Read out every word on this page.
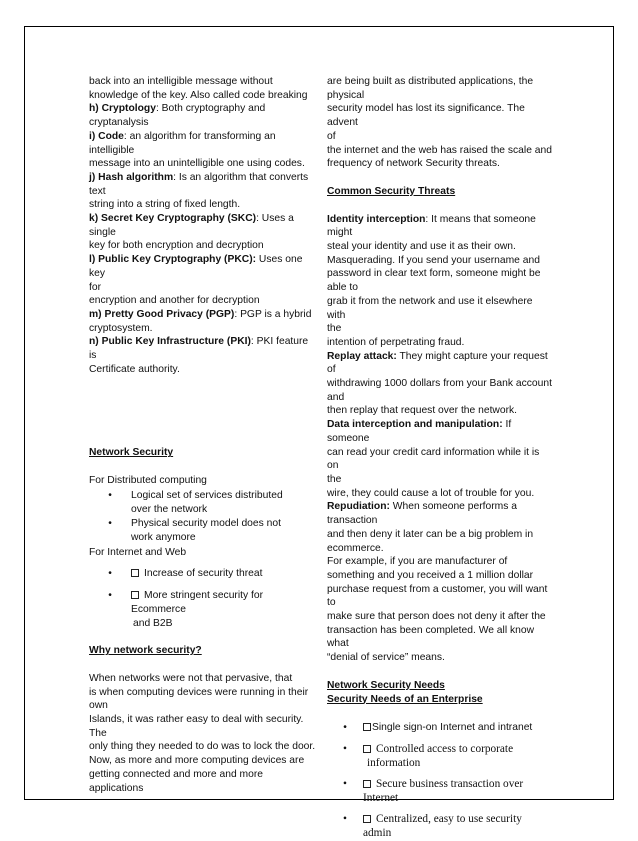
back into an intelligible message without

knowledge of the key. Also called code breaking

h) Cryptology: Both cryptography and

cryptanalysis

i) Code: an algorithm for transforming an

intelligible

message into an unintelligible one using codes.

j) Hash algorithm: Is an algorithm that converts

text

string into a string of fixed length.

k) Secret Key Cryptography (SKC): Uses a

single

key for both encryption and decryption

l) Public Key Cryptography (PKC): Uses one key

for

encryption and another for decryption

m) Pretty Good Privacy (PGP): PGP is a hybrid

cryptosystem.

n) Public Key Infrastructure (PKI): PKI feature is

Certificate authority.

Network Security

For Distributed computing

•	Logical set of services distributed
over the network
•	Physical security model does not
work anymore

For Internet and Web

•	Increase of security threat
•	More stringent security for Ecommerce
and B2B

Why network security?

When networks were not that pervasive, that

is when computing devices were running in their

own

Islands, it was rather easy to deal with security.

The

only thing they needed to do was to lock the door.

Now, as more and more computing devices are

getting connected and more and more applications

are being built as distributed applications, the

physical

security model has lost its significance. The advent

of

the internet and the web has raised the scale and

frequency of network Security threats.

Common Security Threats

Identity interception: It means that someone

might

steal your identity and use it as their own.

Masquerading. If you send your username and

password in clear text form, someone might be

able to

grab it from the network and use it elsewhere with

the

intention of perpetrating fraud.

Replay attack: They might capture your request of

withdrawing 1000 dollars from your Bank account

and

then replay that request over the network.

Data interception and manipulation: If someone

can read your credit card information while it is on

the

wire, they could cause a lot of trouble for you.

Repudiation: When someone performs a

transaction

and then deny it later can be a big problem in

ecommerce.

For example, if you are manufacturer of

something and you received a 1 million dollar

purchase request from a customer, you will want to

make sure that person does not deny it after the

transaction has been completed. We all know what

“denial of service” means.

Network Security Needs

Security Needs of an Enterprise

•	Single sign-on Internet and intranet
•	Controlled access to corporate
information
•	Secure business transaction over
Internet
•	Centralized, easy to use security
admin
